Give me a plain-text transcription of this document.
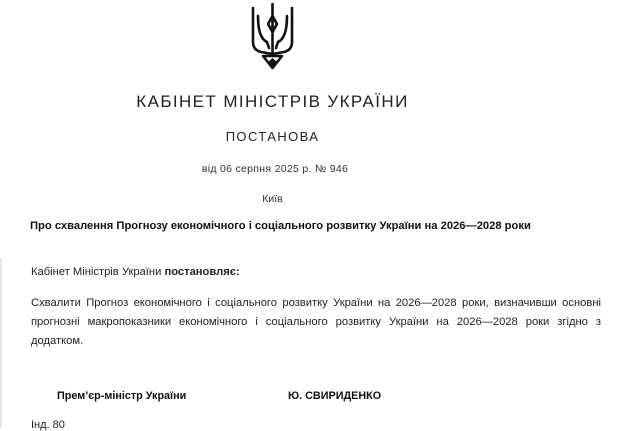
КАБІНЕТ МІНІСТРІВ УКРАЇНИ
ПОСТАНОВА
від 06 серпня 2025 р. № 946
Київ
Про схвалення Прогнозу економічного і соціального розвитку України на 2026—2028 роки
Кабінет Міністрів України постановляє:
Схвалити Прогноз економічного і соціального розвитку України на 2026—2028 роки, визначивши основні прогнозні макропоказники економічного і соціального розвитку України на 2026—2028 роки згідно з додатком.
Прем’єр-міністр України	Ю. СВИРИДЕНКО
Інд. 80
